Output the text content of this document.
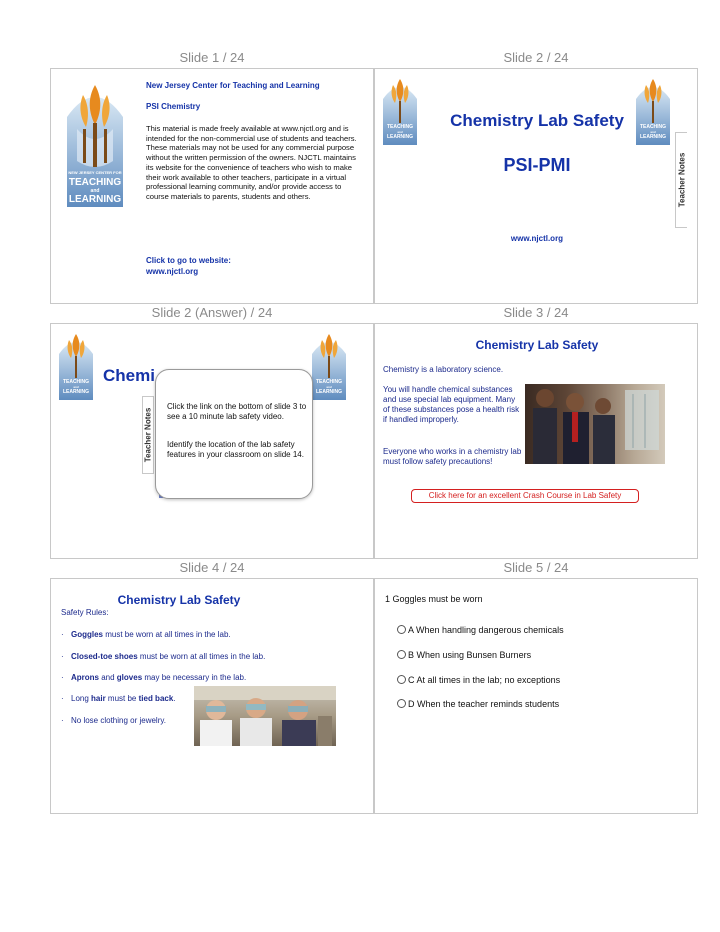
Slide 1 / 24	Slide 2 / 24
Slide 2 (Answer) / 24	Slide 3 / 24
Slide 4 / 24	Slide 5 / 24
NEW JERSEY CENTER FOR
TEACHING
and
LEARNING
New Jersey Center for Teaching and Learning
PSI Chemistry
This material is made freely available at www.njctl.org and is intended for the non-commercial use of students and teachers. These materials may not be used for any commercial purpose without the written permission of the owners. NJCTL maintains its website for the convenience of teachers who wish to make their work available to other teachers, participate in a virtual professional learning community, and/or provide access to course materials to parents, students and others.
Click to go to website:
www.njctl.org
TEACHING
and
LEARNING
TEACHING
and
LEARNING
Chemistry Lab Safety
PSI-PMI
www.njctl.org
Teacher Notes
TEACHING
and
LEARNING
TEACHING
and
LEARNING
Chemi
Teacher Notes
Click the link on the bottom of slide 3 to see a 10 minute lab safety video.
Identify the location of the lab safety features in your classroom on slide 14.
Chemistry Lab Safety
Chemistry is a laboratory science.
You will handle chemical substances and use special lab equipment. Many of these substances pose a health risk if handled improperly.
Everyone who works in a chemistry lab must follow safety precautions!
Click here for an excellent Crash Course in Lab Safety
Chemistry Lab Safety
Safety Rules:
· Goggles must be worn at all times in the lab.
· Closed-toe shoes must be worn at all times in the lab.
· Aprons and gloves may be necessary in the lab.
· Long hair must be tied back.
· No lose clothing or jewelry.
1 Goggles must be worn
A When handling dangerous chemicals
B When using Bunsen Burners
C At all times in the lab; no exceptions
D When the teacher reminds students
